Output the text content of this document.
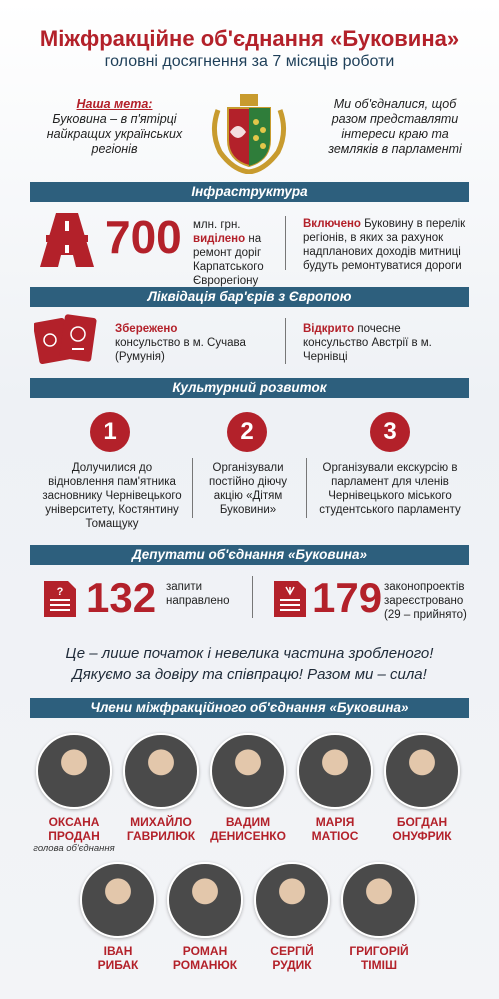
Міжфракційне об'єднання «Буковина»
головні досягнення за 7 місяців роботи
Наша мета:
Буковина – в п'ятірці найкращих українських регіонів
Ми об'єдналися, щоб разом представляти інтереси краю та земляків в парламенті
Інфраструктура
700 млн. грн. виділено на ремонт доріг Карпатського Єврорегіону
Включено Буковину в перелік регіонів, в яких за рахунок надпланових доходів митниці будуть ремонтуватися дороги
Ліквідація бар'єрів з Європою
Збережено
консульство в м. Сучава (Румунія)
Відкрито почесне консульство Австрії в м. Чернівці
Культурний розвиток
1	2	3
Долучилися до відновлення пам'ятника засновнику Чернівецького університету, Костянтину Томащуку
Організували постійно діючу акцію «Дітям Буковини»
Організували екскурсію в парламент для членів Чернівецького міського студентського парламенту
Депутати об'єднання «Буковина»
? 132 запити направлено	179 законопроектів зареєстровано (29 – прийнято)
Це – лише початок і невелика частина зробленого!
Дякуємо за довіру та співпрацю! Разом ми – сила!
Члени міжфракційного об'єднання «Буковина»
ОКСАНА
ПРОДАН
голова об'єднання
МИХАЙЛО
ГАВРИЛЮК
ВАДИМ
ДЕНИСЕНКО
МАРІЯ
МАТІОС
БОГДАН
ОНУФРИК
ІВАН
РИБАК
РОМАН
РОМАНЮК
СЕРГІЙ
РУДИК
ГРИГОРІЙ
ТІМІШ
